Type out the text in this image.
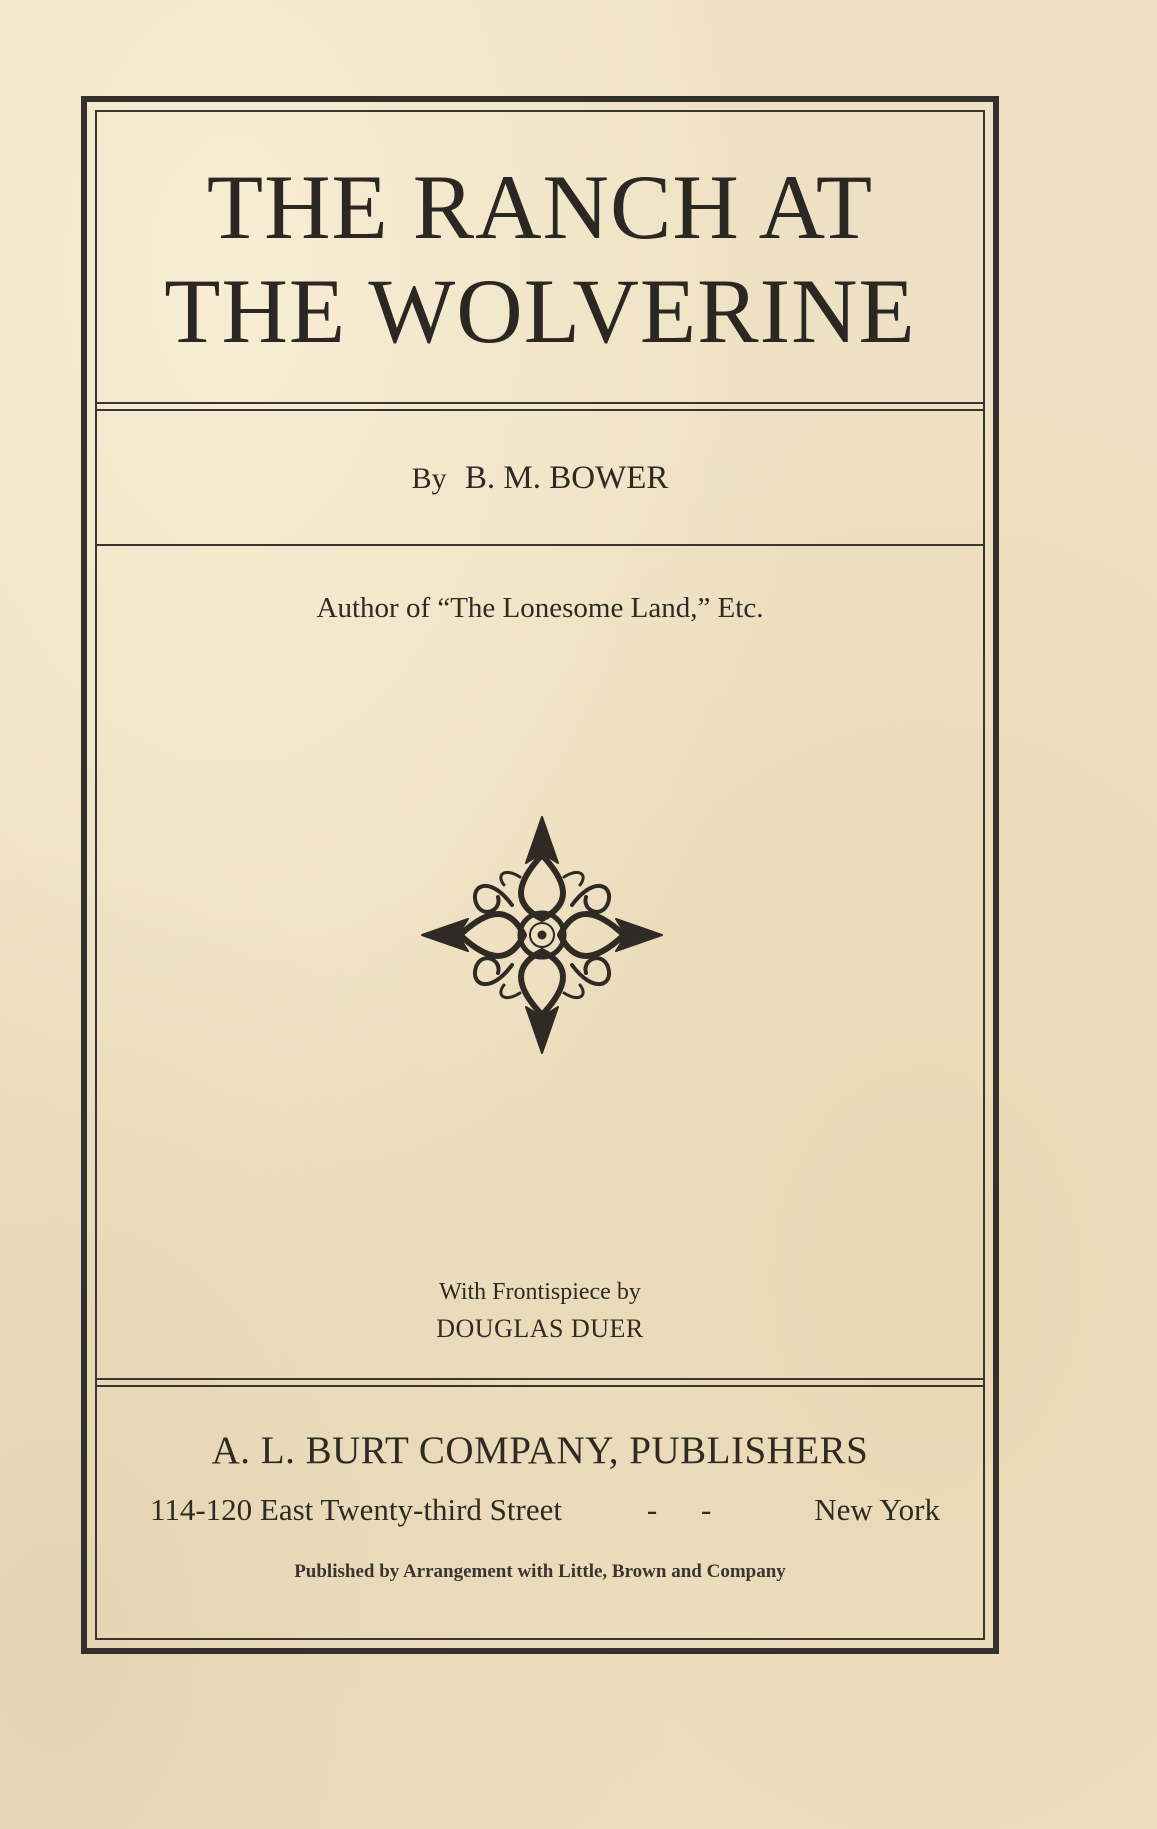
THE RANCH AT
THE WOLVERINE
By B. M. BOWER
Author of “The Lonesome Land,” Etc.
With Frontispiece by
DOUGLAS DUER
A. L. BURT COMPANY, PUBLISHERS
114-120 East Twenty-third Street	- -	New York
Published by Arrangement with Little, Brown and Company
